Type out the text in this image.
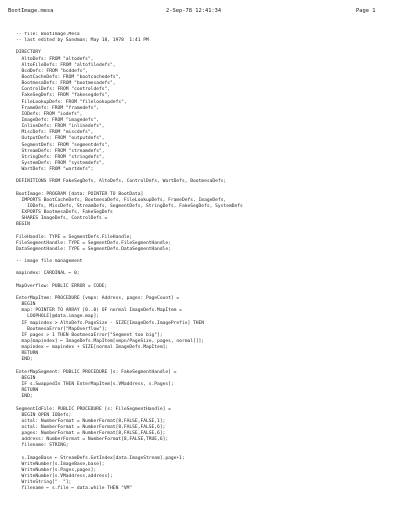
BootImage.mesa	2-Sep-78 12:41:34	Page 1
-- file: BootImage.Mesa
-- last edited by Sandman; May 18, 1978  1:41 PM
DIRECTORY
AltoDefs: FROM "altodefs",
AltoFileDefs: FROM "altofiledefs",
BcdDefs: FROM "bcddefs",
BootCacheDefs: FROM "bootcachedefs",
BootmesaDefs: FROM "bootmesadefs",
ControlDefs: FROM "controldefs",
FakeSegDefs: FROM "fakesegdefs",
FileLookupDefs: FROM "filelookupdefs",
FrameDefs: FROM "framedefs",
IODefs: FROM "iodefs",
ImageDefs: FROM "imagedefs",
InlineDefs: FROM "inlinedefs",
MiscDefs: FROM "miscdefs",
OutputDefs: FROM "outputdefs",
SegmentDefs: FROM "segmentdefs",
StreamDefs: FROM "streamdefs",
StringDefs: FROM "stringdefs",
SystemDefs: FROM "systemdefs",
WartDefs: FROM "wartdefs";
DEFINITIONS FROM FakeSegDefs, AltoDefs, ControlDefs, WartDefs, BootmesaDefs;
BootImage: PROGRAM [data: POINTER TO BootData]
IMPORTS BootCacheDefs, BootmesaDefs, FileLookupDefs, FrameDefs, ImageDefs,
IODefs, MiscDefs, StreamDefs, SegmentDefs, StringDefs, FakeSegDefs, SystemDefs
EXPORTS BootmesaDefs, FakeSegDefs
SHARES ImageDefs, ControlDefs =
BEGIN
FileHandle: TYPE = SegmentDefs.FileHandle;
FileSegmentHandle: TYPE = SegmentDefs.FileSegmentHandle;
DataSegmentHandle: TYPE = SegmentDefs.DataSegmentHandle;
-- image file management
mapindex: CARDINAL ← 0;
MapOverflow: PUBLIC ERROR = CODE;
EnterMapItem: PROCEDURE [vmpn: Address, pages: PageCount] =
BEGIN
map: POINTER TO ARRAY [0..0) OF normal ImageDefs.MapItem =
LOOPHOLE[@data.image.map];
IF mapindex > AltoDefs.PageSize - SIZE[ImageDefs.ImagePrefix] THEN
BootmesaError["MapOverflow"];
IF pages > 1 THEN BootmesaError["Segment too big"];
map[mapindex] ← ImageDefs.MapItem[vmpn/PageSize, pages, normal[]];
mapindex ← mapindex + SIZE[normal ImageDefs.MapItem];
RETURN
END;
EnterMapSegment: PUBLIC PROCEDURE [s: FakeSegmentHandle] =
BEGIN
IF s.SwappedIn THEN EnterMapItem[s.VMaddress, s.Pages];
RETURN
END;
SegmentIdFile: PUBLIC PROCEDURE [s: FileSegmentHandle] =
BEGIN OPEN IODefs;
octal: NumberFormat = NumberFormat[8,FALSE,FALSE,1];
octal: NumberFormat = NumberFormat[8,FALSE,FALSE,6];
pages: NumberFormat = NumberFormat[8,FALSE,FALSE,6];
address: NumberFormat = NumberFormat[8,FALSE,TRUE,6];
filename: STRING;
s.ImageBase ← StreamDefs.GetIndex[data.ImageStream].page+1;
WriteNumber[s.ImageBase,base];
WriteNumber[s.Pages,pages];
WriteNumber[s.VMaddress,address];
WriteString["  "];
filename ← s.file ← data.while THEN "VM"
